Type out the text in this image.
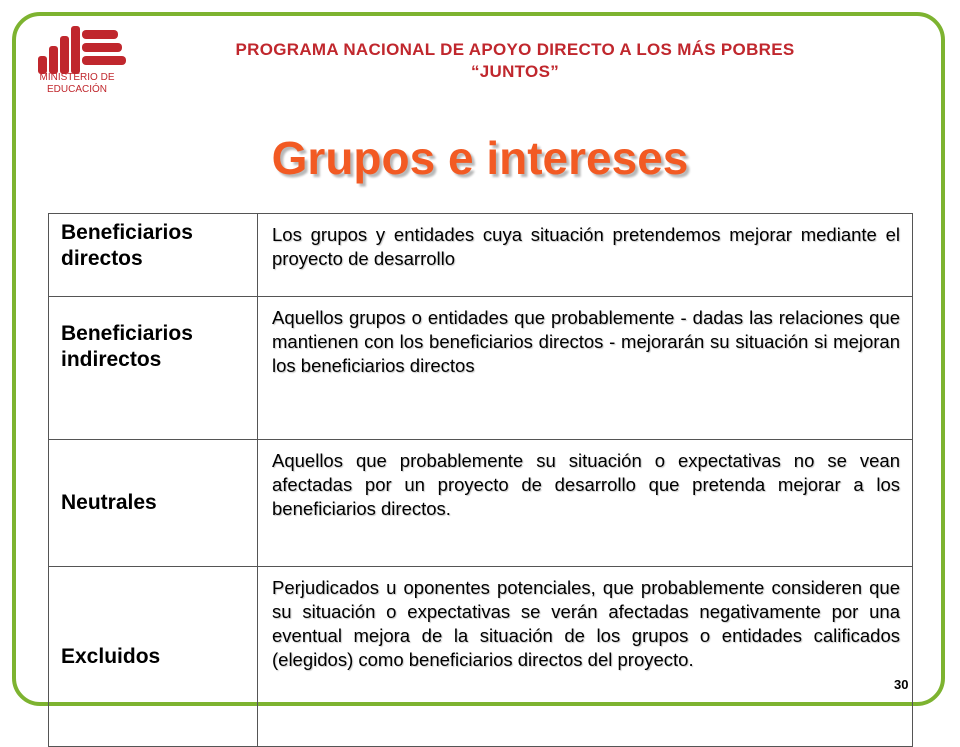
MINISTERIO DE
EDUCACIÓN
PROGRAMA NACIONAL DE APOYO DIRECTO A LOS MÁS POBRES
“JUNTOS”
Grupos e intereses
Beneficiarios directos	Los grupos y entidades cuya situación pretendemos mejorar mediante el proyecto de desarrollo
Beneficiarios indirectos	Aquellos grupos o entidades que probablemente - dadas las relaciones que mantienen con los beneficiarios directos - mejorarán su situación si mejoran los beneficiarios directos
Neutrales	Aquellos que probablemente su situación o expectativas no se vean afectadas por un proyecto de desarrollo que pretenda mejorar a los beneficiarios directos.
Excluidos	Perjudicados u oponentes potenciales, que probablemente consideren que su situación o expectativas se verán afectadas negativamente por una eventual mejora de la situación de los grupos o entidades calificados (elegidos) como beneficiarios directos del proyecto.
30
